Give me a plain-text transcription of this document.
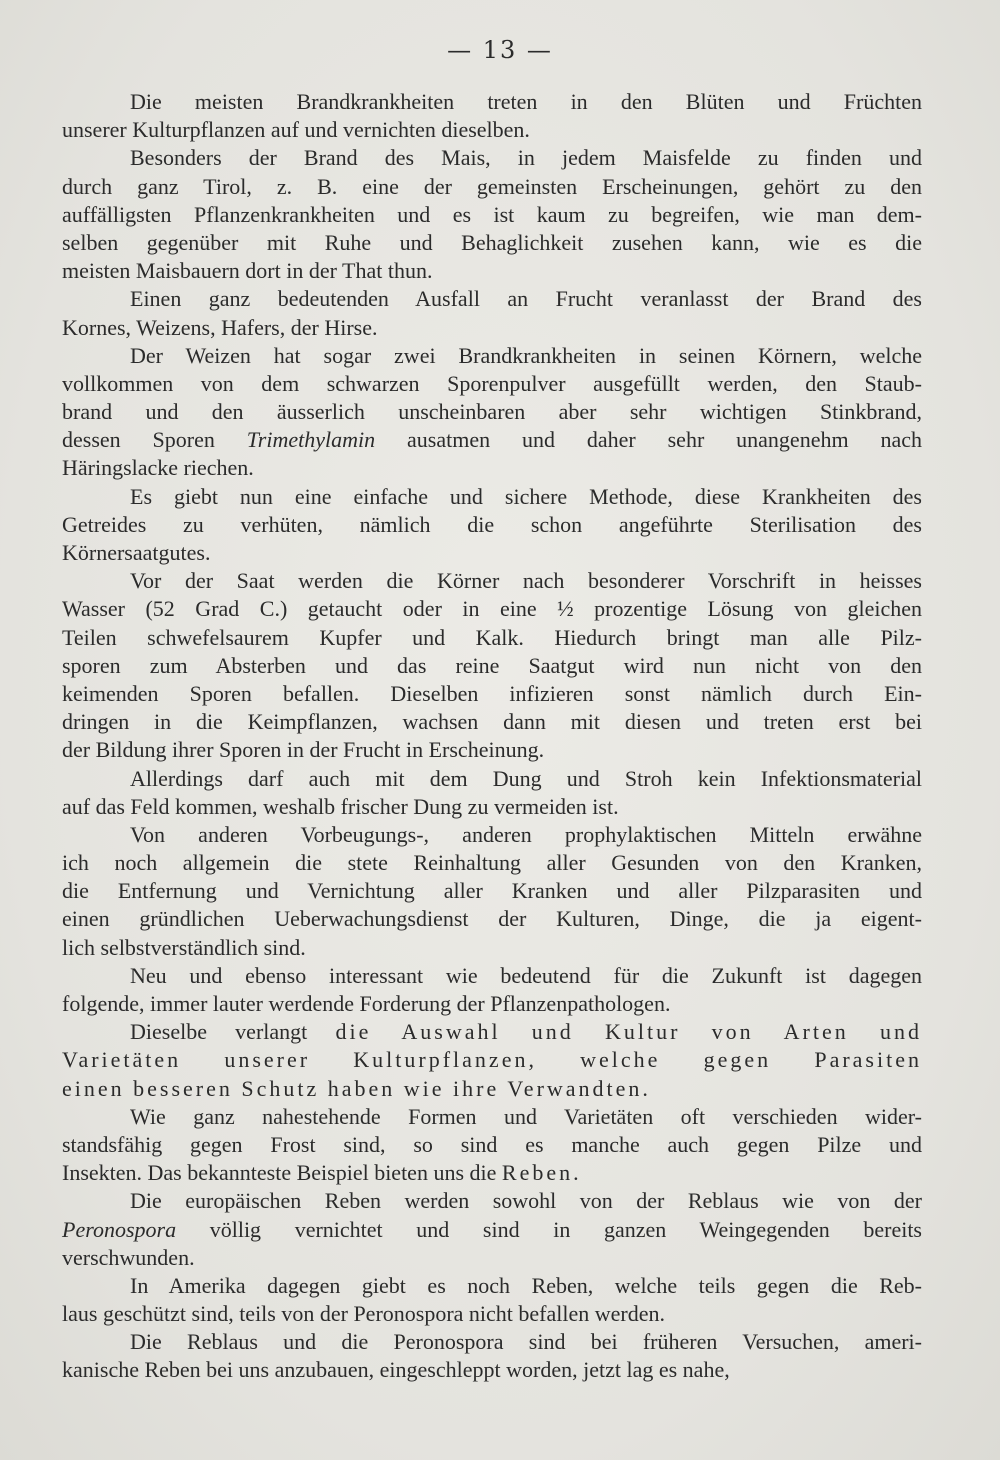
— 13 —
Die meisten Brandkrankheiten treten in den Blüten und Früchten
unserer Kulturpflanzen auf und vernichten dieselben.
Besonders der Brand des Mais, in jedem Maisfelde zu finden und
durch ganz Tirol, z. B. eine der gemeinsten Erscheinungen, gehört zu den
auffälligsten Pflanzenkrankheiten und es ist kaum zu begreifen, wie man dem-
selben gegenüber mit Ruhe und Behaglichkeit zusehen kann, wie es die
meisten Maisbauern dort in der That thun.
Einen ganz bedeutenden Ausfall an Frucht veranlasst der Brand des
Kornes, Weizens, Hafers, der Hirse.
Der Weizen hat sogar zwei Brandkrankheiten in seinen Körnern, welche
vollkommen von dem schwarzen Sporenpulver ausgefüllt werden, den Staub-
brand und den äusserlich unscheinbaren aber sehr wichtigen Stinkbrand,
dessen Sporen Trimethylamin ausatmen und daher sehr unangenehm nach
Häringslacke riechen.
Es giebt nun eine einfache und sichere Methode, diese Krankheiten des
Getreides zu verhüten, nämlich die schon angeführte Sterilisation des
Körnersaatgutes.
Vor der Saat werden die Körner nach besonderer Vorschrift in heisses
Wasser (52 Grad C.) getaucht oder in eine ½ prozentige Lösung von gleichen
Teilen schwefelsaurem Kupfer und Kalk. Hiedurch bringt man alle Pilz-
sporen zum Absterben und das reine Saatgut wird nun nicht von den
keimenden Sporen befallen. Dieselben infizieren sonst nämlich durch Ein-
dringen in die Keimpflanzen, wachsen dann mit diesen und treten erst bei
der Bildung ihrer Sporen in der Frucht in Erscheinung.
Allerdings darf auch mit dem Dung und Stroh kein Infektionsmaterial
auf das Feld kommen, weshalb frischer Dung zu vermeiden ist.
Von anderen Vorbeugungs-, anderen prophylaktischen Mitteln erwähne
ich noch allgemein die stete Reinhaltung aller Gesunden von den Kranken,
die Entfernung und Vernichtung aller Kranken und aller Pilzparasiten und
einen gründlichen Ueberwachungsdienst der Kulturen, Dinge, die ja eigent-
lich selbstverständlich sind.
Neu und ebenso interessant wie bedeutend für die Zukunft ist dagegen
folgende, immer lauter werdende Forderung der Pflanzenpathologen.
Dieselbe verlangt die Auswahl und Kultur von Arten und
Varietäten unserer Kulturpflanzen, welche gegen Parasiten
einen besseren Schutz haben wie ihre Verwandten.
Wie ganz nahestehende Formen und Varietäten oft verschieden wider-
standsfähig gegen Frost sind, so sind es manche auch gegen Pilze und
Insekten. Das bekannteste Beispiel bieten uns die Reben.
Die europäischen Reben werden sowohl von der Reblaus wie von der
Peronospora völlig vernichtet und sind in ganzen Weingegenden bereits
verschwunden.
In Amerika dagegen giebt es noch Reben, welche teils gegen die Reb-
laus geschützt sind, teils von der Peronospora nicht befallen werden.
Die Reblaus und die Peronospora sind bei früheren Versuchen, ameri-
kanische Reben bei uns anzubauen, eingeschleppt worden, jetzt lag es nahe,
